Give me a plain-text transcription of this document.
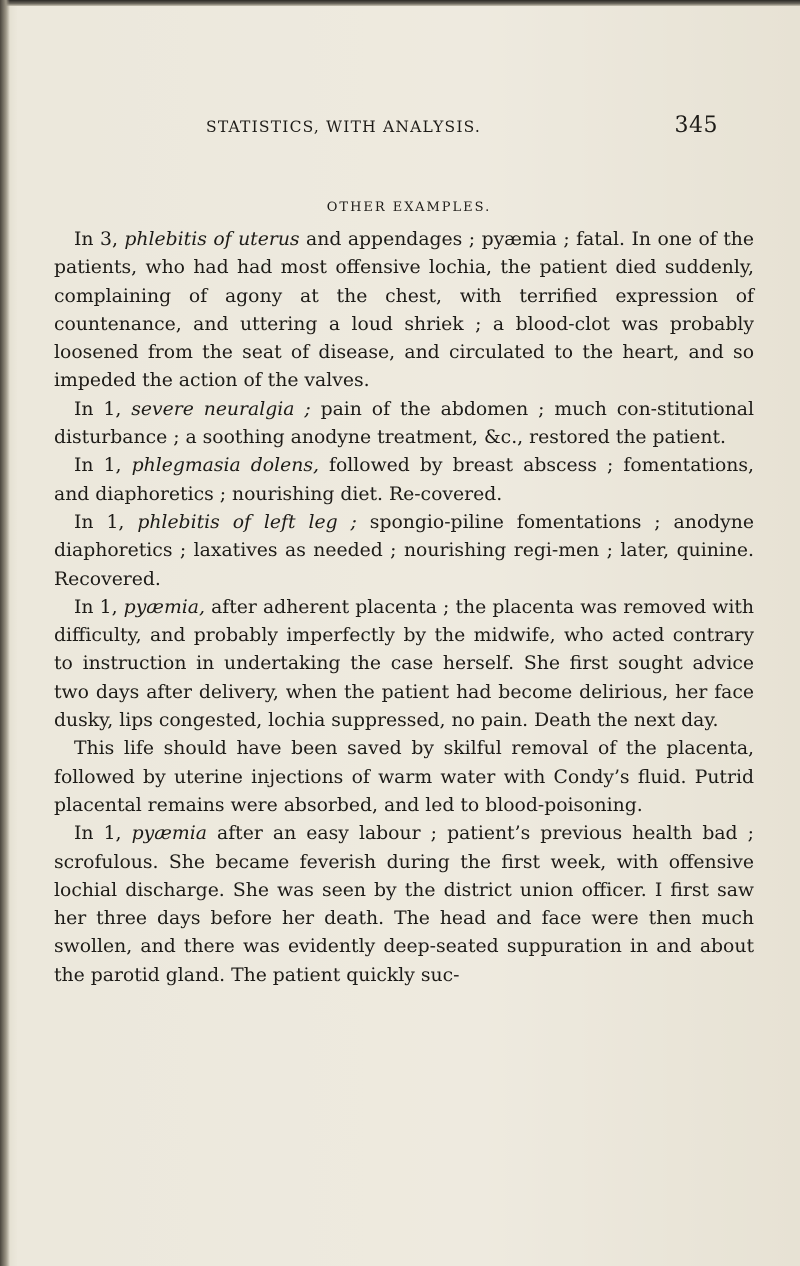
STATISTICS, WITH ANALYSIS.	345
OTHER EXAMPLES.

In 3, phlebitis of uterus and appendages ; pyæmia ; fatal. In one of the patients, who had had most offensive lochia, the patient died suddenly, complaining of agony at the chest, with terrified expression of countenance, and uttering a loud shriek ; a blood-clot was probably loosened from the seat of disease, and circulated to the heart, and so impeded the action of the valves.

In 1, severe neuralgia ; pain of the abdomen ; much con-stitutional disturbance ; a soothing anodyne treatment, &c., restored the patient.

In 1, phlegmasia dolens, followed by breast abscess ; fomentations, and diaphoretics ; nourishing diet. Re-covered.

In 1, phlebitis of left leg ; spongio-piline fomentations ; anodyne diaphoretics ; laxatives as needed ; nourishing regi-men ; later, quinine. Recovered.

In 1, pyæmia, after adherent placenta ; the placenta was removed with difficulty, and probably imperfectly by the midwife, who acted contrary to instruction in undertaking the case herself. She first sought advice two days after delivery, when the patient had become delirious, her face dusky, lips congested, lochia suppressed, no pain. Death the next day.

This life should have been saved by skilful removal of the placenta, followed by uterine injections of warm water with Condy’s fluid. Putrid placental remains were absorbed, and led to blood-poisoning.

In 1, pyæmia after an easy labour ; patient’s previous health bad ; scrofulous. She became feverish during the first week, with offensive lochial discharge. She was seen by the district union officer. I first saw her three days before her death. The head and face were then much swollen, and there was evidently deep-seated suppuration in and about the parotid gland. The patient quickly suc-
